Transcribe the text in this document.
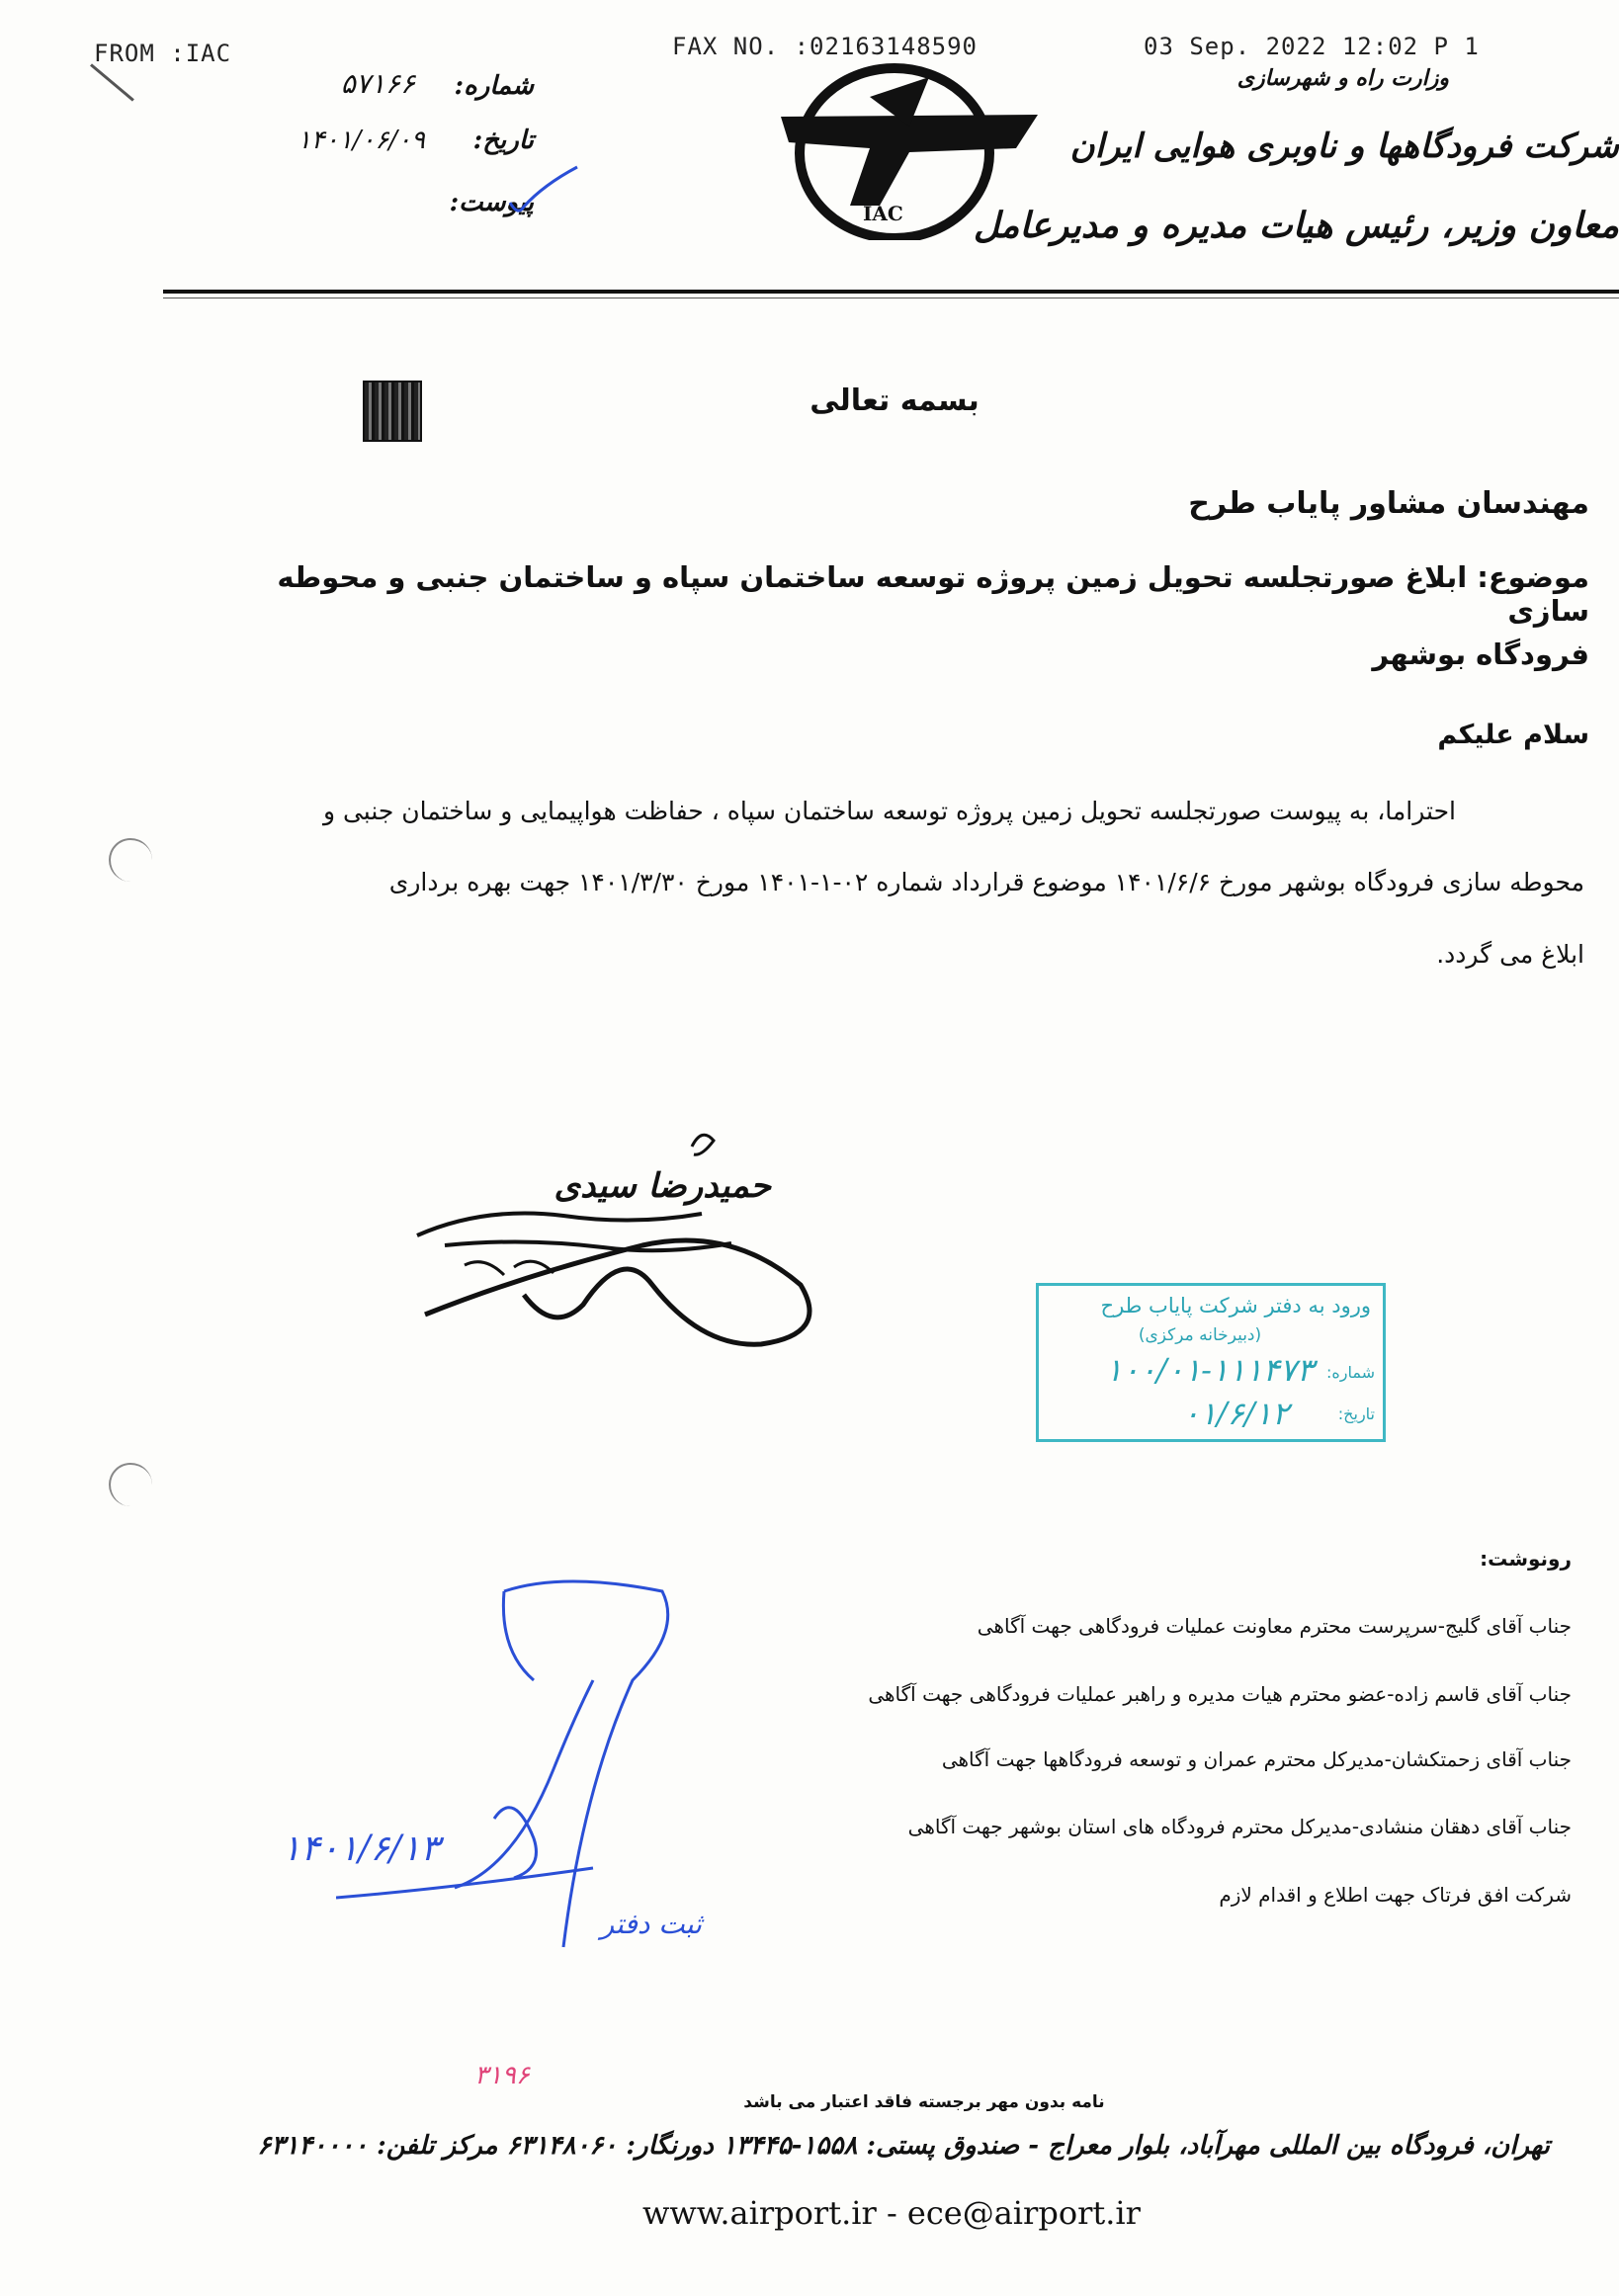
FROM :IAC	FAX NO. :02163148590	03 Sep. 2022 12:02 P 1
۵۷۱۶۶	شماره:
۱۴۰۱/۰۶/۰۹	تاریخ:
پیوست:	IAC
وزارت راه و شهرسازی
شرکت فرودگاهها و ناوبری هوایی ایران
معاون وزیر، رئیس هیات مدیره و مدیرعامل
بسمه تعالی
مهندسان مشاور پایاب طرح
موضوع: ابلاغ صورتجلسه تحویل زمین پروژه توسعه ساختمان سپاه و ساختمان جنبی و محوطه سازی
فرودگاه بوشهر
سلام علیکم
احتراما، به پیوست صورتجلسه تحویل زمین پروژه توسعه ساختمان سپاه ، حفاظت هواپیمایی و ساختمان جنبی و
محوطه سازی فرودگاه بوشهر مورخ ۱۴۰۱/۶/۶ موضوع قرارداد شماره ۰۲-۱-۱۴۰۱ مورخ ۱۴۰۱/۳/۳۰ جهت بهره برداری
ابلاغ می گردد.
حمیدرضا سیدی
ورود به دفتر شرکت پایاب طرح
(دبیرخانه مرکزی)
شماره:
۱۰۰/۰۱-۱۱۱۴۷۳
تاریخ:
۰۱/۶/۱۲
رونوشت:
جناب آقای گلیج-سرپرست محترم معاونت عملیات فرودگاهی جهت آگاهی
جناب آقای قاسم زاده-عضو محترم هیات مدیره و راهبر عملیات فرودگاهی جهت آگاهی
جناب آقای زحمتکشان-مدیرکل محترم عمران و توسعه فرودگاهها جهت آگاهی
جناب آقای دهقان منشادی-مدیرکل محترم فرودگاه های استان بوشهر جهت آگاهی
شرکت افق فرتاک جهت اطلاع و اقدام لازم
۱۴۰۱/۶/۱۳
ثبت دفتر
۳۱۹۶
نامه بدون مهر برجسته فاقد اعتبار می باشد
تهران، فرودگاه بین المللی مهرآباد، بلوار معراج - صندوق پستی: ۱۵۵۸-۱۳۴۴۵ دورنگار: ۶۳۱۴۸۰۶۰ مرکز تلفن: ۶۳۱۴۰۰۰۰
www.airport.ir - ece@airport.ir
